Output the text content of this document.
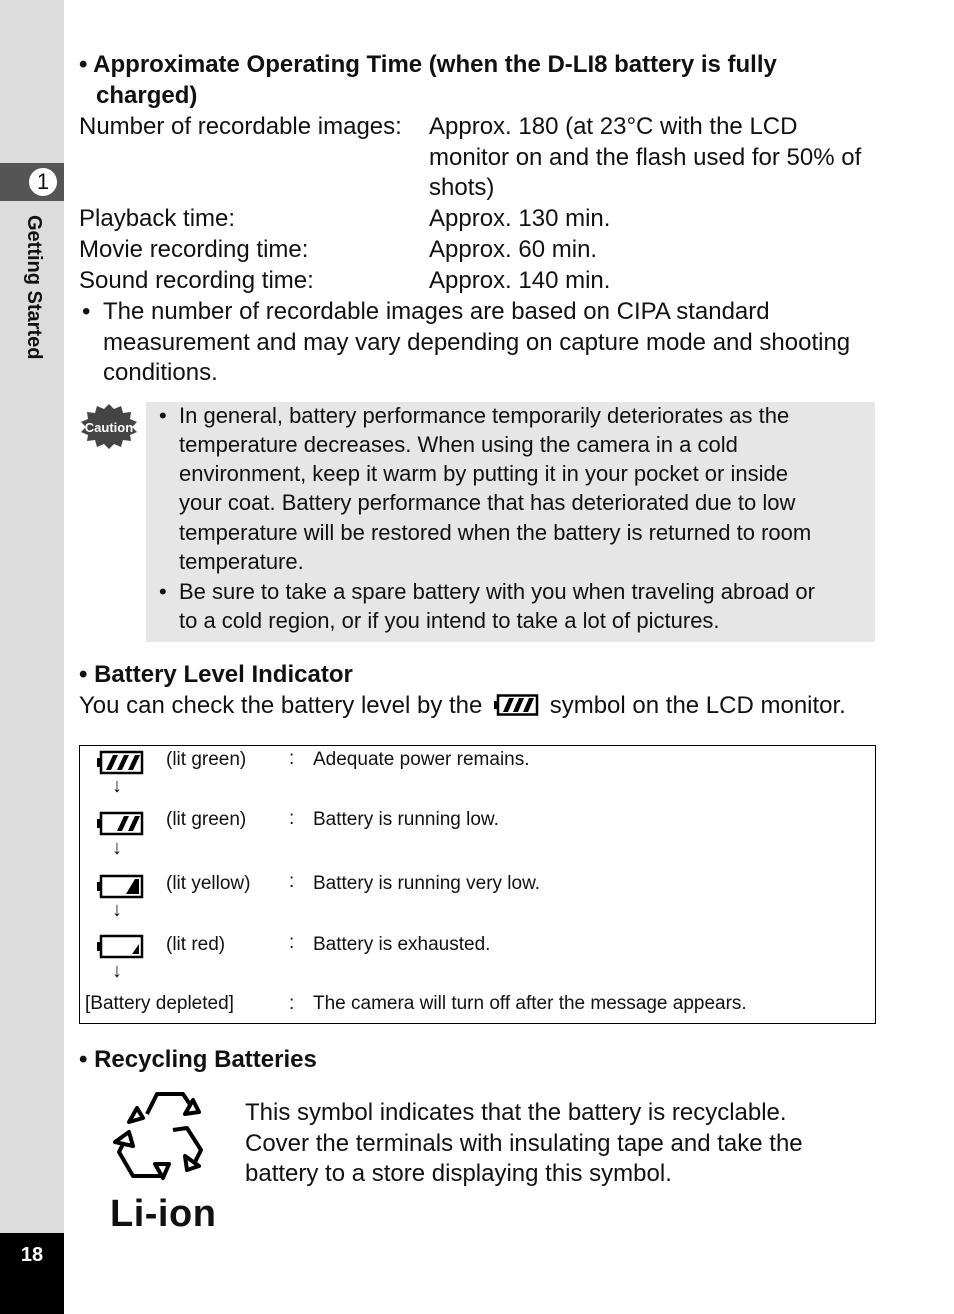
1
Getting Started
18
• Approximate Operating Time (when the D-LI8 battery is fully
charged)
Number of recordable images: Approx. 180 (at 23°C with the LCD
monitor on and the flash used for 50% of
shots)
Playback time:	Approx. 130 min.
Movie recording time:	Approx. 60 min.
Sound recording time:	Approx. 140 min.
• The number of recordable images are based on CIPA standard
measurement and may vary depending on capture mode and shooting
conditions.
Caution • In general, battery performance temporarily deteriorates as the
temperature decreases. When using the camera in a cold
environment, keep it warm by putting it in your pocket or inside
your coat. Battery performance that has deteriorated due to low
temperature will be restored when the battery is returned to room
temperature.
• Be sure to take a spare battery with you when traveling abroad or
to a cold region, or if you intend to take a lot of pictures.
• Battery Level Indicator
You can check the battery level by the	symbol on the LCD monitor.
↓
(lit green) : Adequate power remains.
↓
(lit green) : Battery is running low.
↓
(lit yellow) : Battery is running very low.
↓
(lit red)	: Battery is exhausted.
[Battery depleted]	: The camera will turn off after the message appears.
• Recycling Batteries
Li-ion
This symbol indicates that the battery is recyclable.
Cover the terminals with insulating tape and take the
battery to a store displaying this symbol.
